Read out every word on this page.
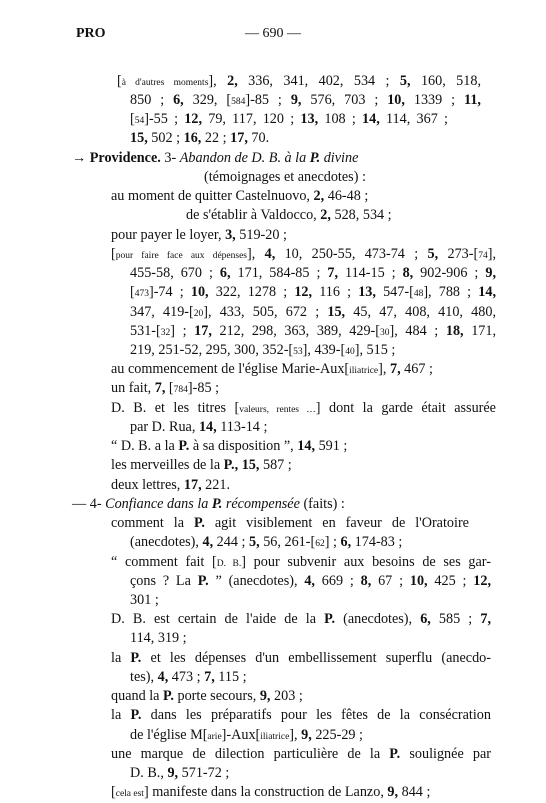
PRO	— 690 —
[à d'autres moments], 2, 336, 341, 402, 534 ; 5, 160, 518,
850 ; 6, 329, [584]-85 ; 9, 576, 703 ; 10, 1339 ; 11,
[54]-55 ; 12, 79, 117, 120 ; 13, 108 ; 14, 114, 367 ;
15, 502 ; 16, 22 ; 17, 70.
→ Providence. 3- Abandon de D. B. à la P. divine
(témoignages et anecdotes) :
au moment de quitter Castelnuovo, 2, 46-48 ;
de s'établir à Valdocco, 2, 528, 534 ;
pour payer le loyer, 3, 519-20 ;
[pour faire face aux dépenses], 4, 10, 250-55, 473-74 ; 5, 273-[74],
455-58, 670 ; 6, 171, 584-85 ; 7, 114-15 ; 8, 902-906 ; 9,
[473]-74 ; 10, 322, 1278 ; 12, 116 ; 13, 547-[48], 788 ; 14,
347, 419-[20], 433, 505, 672 ; 15, 45, 47, 408, 410, 480,
531-[32] ; 17, 212, 298, 363, 389, 429-[30], 484 ; 18, 171,
219, 251-52, 295, 300, 352-[53], 439-[40], 515 ;
au commencement de l'église Marie-Aux[iliatrice], 7, 467 ;
un fait, 7, [784]-85 ;
D. B. et les titres [valeurs, rentes …] dont la garde était assurée
par D. Rua, 14, 113-14 ;
“ D. B. a la P. à sa disposition ”, 14, 591 ;
les merveilles de la P., 15, 587 ;
deux lettres, 17, 221.
— 4- Confiance dans la P. récompensée (faits) :
comment la P. agit visiblement en faveur de l'Oratoire
(anecdotes), 4, 244 ; 5, 56, 261-[62] ; 6, 174-83 ;
“ comment fait [D. B.] pour subvenir aux besoins de ses gar-
çons ? La P. ” (anecdotes), 4, 669 ; 8, 67 ; 10, 425 ; 12,
301 ;
D. B. est certain de l'aide de la P. (anecdotes), 6, 585 ; 7,
114, 319 ;
la P. et les dépenses d'un embellissement superflu (anecdo-
tes), 4, 473 ; 7, 115 ;
quand la P. porte secours, 9, 203 ;
la P. dans les préparatifs pour les fêtes de la consécration
de l'église M[arie]-Aux[iliatrice], 9, 225-29 ;
une marque de dilection particulière de la P. soulignée par
D. B., 9, 571-72 ;
[cela est] manifeste dans la construction de Lanzo, 9, 844 ;
